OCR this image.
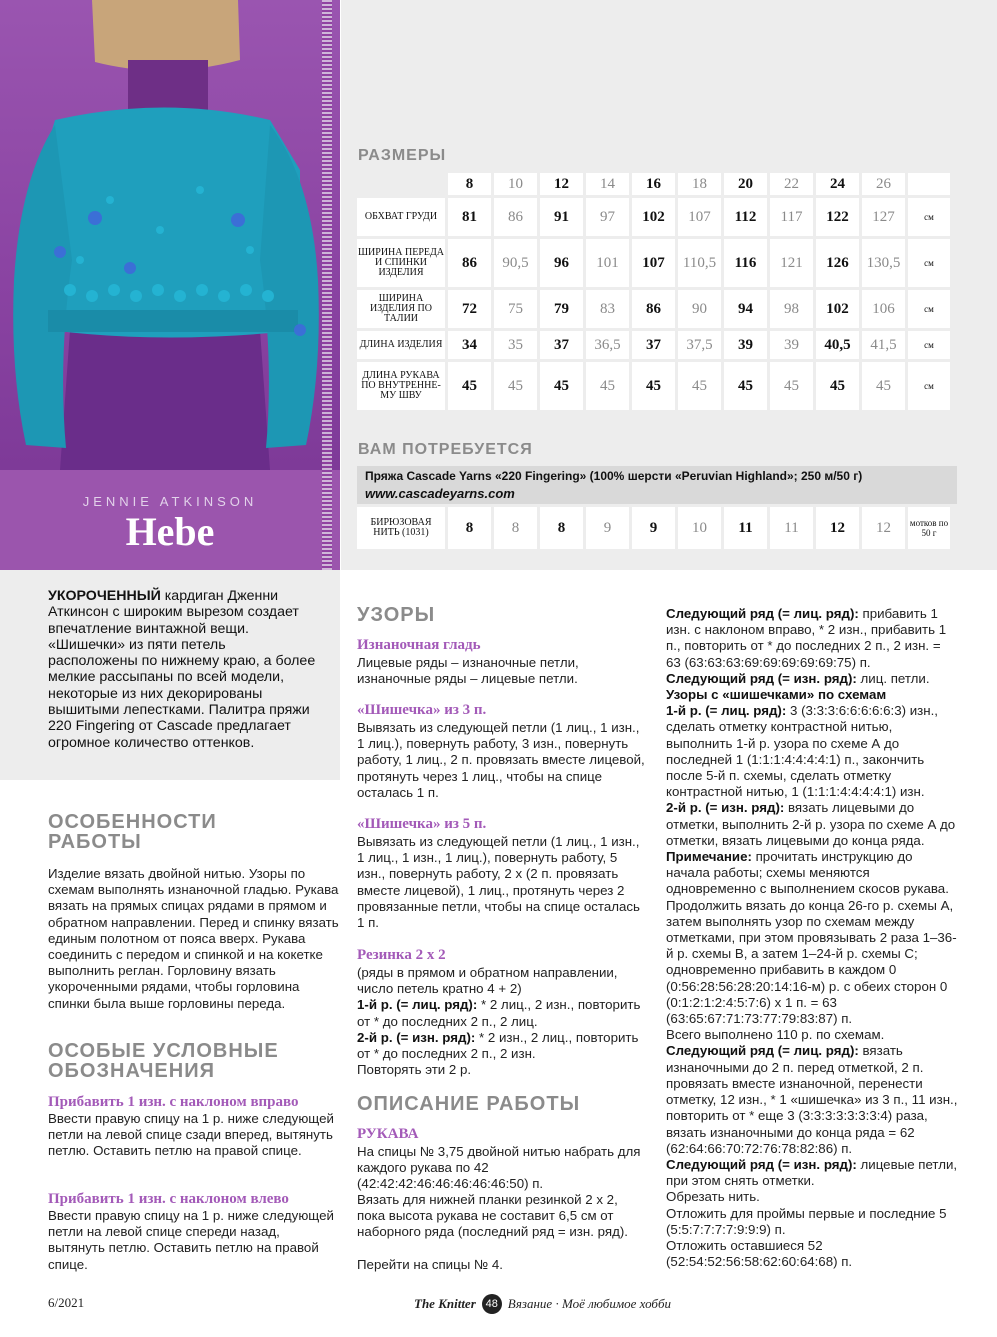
JENNIE ATKINSON
Hebe
РАЗМЕРЫ
	8	10	12	14	16	18	20	22	24	26	
ОБХВАТ ГРУДИ	81	86	91	97	102	107	112	117	122	127	см
ШИРИНА ПЕРЕДА И СПИНКИ ИЗДЕЛИЯ	86	90,5	96	101	107	110,5	116	121	126	130,5	см
ШИРИНА ИЗДЕЛИЯ ПО ТАЛИИ	72	75	79	83	86	90	94	98	102	106	см
ДЛИНА ИЗДЕЛИЯ	34	35	37	36,5	37	37,5	39	39	40,5	41,5	см
ДЛИНА РУКАВА ПО ВНУТРЕННЕ-МУ ШВУ	45	45	45	45	45	45	45	45	45	45	см
ВАМ ПОТРЕБУЕТСЯ
Пряжа Cascade Yarns «220 Fingering» (100% шерсти «Peruvian Highland»; 250 м/50 г)
www.cascadeyarns.com
БИРЮЗОВАЯ НИТЬ (1031)	8	8	8	9	9	10	11	11	12	12	мотков по 50 г
УКОРОЧЕННЫЙ кардиган Дженни Аткинсон с широким вырезом создает впечатление винтажной вещи. «Шишечки» из пяти петель расположены по нижнему краю, а более мелкие рассыпаны по всей модели, некоторые из них декорированы вышитыми лепестками. Палитра пряжи 220 Fingering от Cascade предлагает огромное количество оттенков.
ОСОБЕННОСТИ РАБОТЫ
Изделие вязать двойной нитью. Узоры по схемам выполнять изнаночной гладью. Рукава вязать на прямых спицах рядами в прямом и обратном направлении. Перед и спинку вязать единым полотном от пояса вверх. Рукава соединить с передом и спинкой и на кокетке выполнить реглан. Горловину вязать укороченными рядами, чтобы горловина спинки была выше горловины переда.
ОСОБЫЕ УСЛОВНЫЕ ОБОЗНАЧЕНИЯ
Прибавить 1 изн. с наклоном вправо
Ввести правую спицу на 1 р. ниже следующей петли на левой спице сзади вперед, вытянуть петлю. Оставить петлю на правой спице.
Прибавить 1 изн. с наклоном влево
Ввести правую спицу на 1 р. ниже следующей петли на левой спице спереди назад, вытянуть петлю. Оставить петлю на правой спице.
УЗОРЫ
Изнаночная гладь
Лицевые ряды – изнаночные петли, изнаночные ряды – лицевые петли.
«Шишечка» из 3 п.
Вывязать из следующей петли (1 лиц., 1 изн., 1 лиц.), повернуть работу, 3 изн., повернуть работу, 1 лиц., 2 п. провязать вместе лицевой, протянуть через 1 лиц., чтобы на спице осталась 1 п.
«Шишечка» из 5 п.
Вывязать из следующей петли (1 лиц., 1 изн., 1 лиц., 1 изн., 1 лиц.), повернуть работу, 5 изн., повернуть работу, 2 х (2 п. провязать вместе лицевой), 1 лиц., протянуть через 2 провязанные петли, чтобы на спице осталась 1 п.
Резинка 2 х 2
(ряды в прямом и обратном направлении, число петель кратно 4 + 2)
1-й р. (= лиц. ряд): * 2 лиц., 2 изн., повторить от * до последних 2 п., 2 лиц.
2-й р. (= изн. ряд): * 2 изн., 2 лиц., повторить от * до последних 2 п., 2 изн.
Повторять эти 2 р.
ОПИСАНИЕ РАБОТЫ
РУКАВА
На спицы № 3,75 двойной нитью набрать для каждого рукава по 42 (42:42:42:46:46:46:46:46:50) п.
Вязать для нижней планки резинкой 2 х 2, пока высота рукава не составит 6,5 см от наборного ряда (последний ряд = изн. ряд).
Перейти на спицы № 4.
Следующий ряд (= лиц. ряд): прибавить 1 изн. с наклоном вправо, * 2 изн., прибавить 1 п., повторить от * до последних 2 п., 2 изн. = 63 (63:63:63:69:69:69:69:69:75) п.
Следующий ряд (= изн. ряд): лиц. петли.
Узоры с «шишечками» по схемам
1-й р. (= лиц. ряд): 3 (3:3:3:6:6:6:6:6:3) изн., сделать отметку контрастной нитью, выполнить 1-й р. узора по схеме А до последней 1 (1:1:1:4:4:4:4:1) п., закончить после 5-й п. схемы, сделать отметку контрастной нитью, 1 (1:1:1:4:4:4:4:1) изн.
2-й р. (= изн. ряд): вязать лицевыми до отметки, выполнить 2-й р. узора по схеме А до отметки, вязать лицевыми до конца ряда.
Примечание: прочитать инструкцию до начала работы; схемы меняются одновременно с выполнением скосов рукава.
Продолжить вязать до конца 26-го р. схемы А, затем выполнять узор по схемам между отметками, при этом провязывать 2 раза 1–36-й р. схемы В, а затем 1–24-й р. схемы С; одновременно прибавить в каждом 0 (0:56:28:56:28:20:14:16-м) р. с обеих сторон 0 (0:1:2:1:2:4:5:7:6) х 1 п. = 63 (63:65:67:71:73:77:79:83:87) п.
Всего выполнено 110 р. по схемам.
Следующий ряд (= лиц. ряд): вязать изнаночными до 2 п. перед отметкой, 2 п. провязать вместе изнаночной, перенести отметку, 12 изн., * 1 «шишечка» из 3 п., 11 изн., повторить от * еще 3 (3:3:3:3:3:3:3:4) раза, вязать изнаночными до конца ряда = 62 (62:64:66:70:72:76:78:82:86) п.
Следующий ряд (= изн. ряд): лицевые петли, при этом снять отметки.
Обрезать нить.
Отложить для проймы первые и последние 5 (5:5:7:7:7:7:9:9:9) п.
Отложить оставшиеся 52 (52:54:52:56:58:62:60:64:68) п.
6/2021	The Knitter 48 Вязание · Моё любимое хобби
